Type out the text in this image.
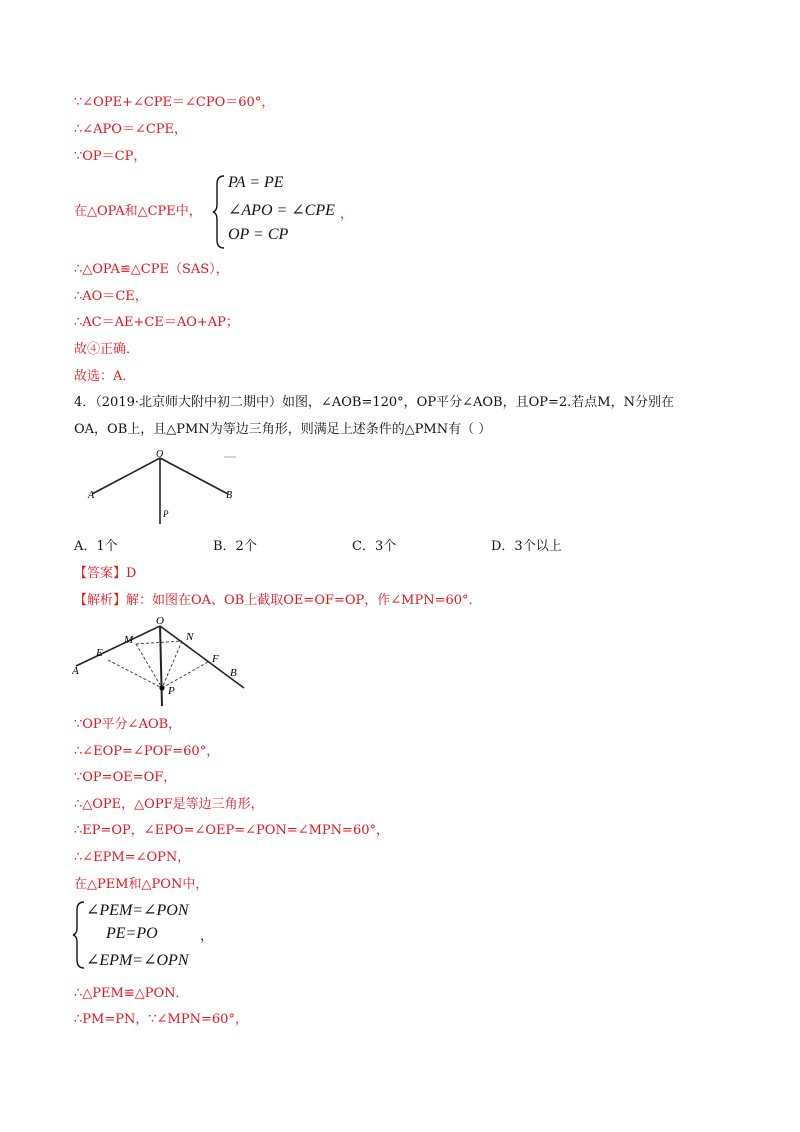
∵∠OPE+∠CPE＝∠CPO＝60°，
∴∠APO＝∠CPE，
∵OP＝CP，
在△OPA和△CPE中，
PA = PE
∠APO = ∠CPE
OP = CP
，
∴△OPA≌△CPE（SAS），
∴AO＝CE，
∴AC＝AE+CE＝AO+AP；
故④正确．
故选：A．
4．（2019·北京师大附中初二期中）如图，∠AOB=120°，OP平分∠AOB，且OP=2.若点M，N分别在
OA，OB上，且△PMN为等边三角形，则满足上述条件的△PMN有（ ）
O
A	B
P
A．1个	B．2个	C．3个	D．3个以上
【答案】D
【解析】解：如图在OA、OB上截取OE=OF=OP，作∠MPN=60°．
O
M	N
E	F
A	B
P
∵OP平分∠AOB，
∴∠EOP=∠POF=60°，
∵OP=OE=OF，
∴△OPE，△OPF是等边三角形，
∴EP=OP，∠EPO=∠OEP=∠PON=∠MPN=60°，
∴∠EPM=∠OPN，
在△PEM和△PON中，
∠PEM=∠PON
PE=PO
∠EPM=∠OPN
，
∴△PEM≌△PON．
∴PM=PN，∵∠MPN=60°，
